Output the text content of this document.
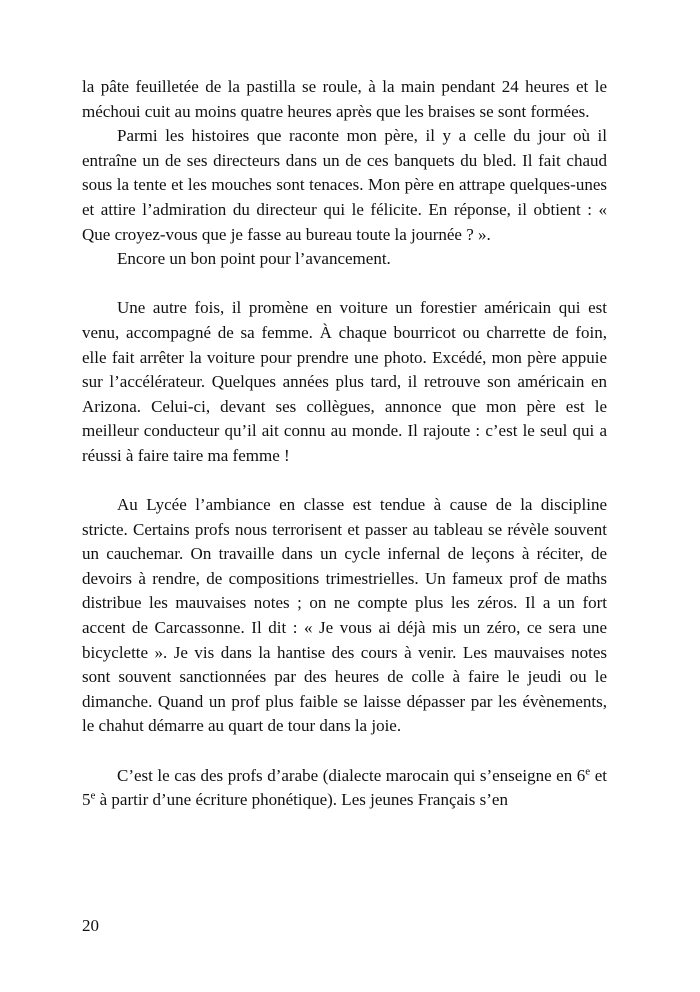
la pâte feuilletée de la pastilla se roule, à la main pendant 24 heures et le méchoui cuit au moins quatre heures après que les braises se sont formées.

Parmi les histoires que raconte mon père, il y a celle du jour où il entraîne un de ses directeurs dans un de ces banquets du bled. Il fait chaud sous la tente et les mouches sont tenaces. Mon père en attrape quelques-unes et attire l’admiration du directeur qui le félicite. En réponse, il obtient : « Que croyez-vous que je fasse au bureau toute la journée ? ».

Encore un bon point pour l’avancement.

Une autre fois, il promène en voiture un forestier américain qui est venu, accompagné de sa femme. À chaque bourricot ou charrette de foin, elle fait arrêter la voiture pour prendre une photo. Excédé, mon père appuie sur l’accélérateur. Quelques années plus tard, il retrouve son américain en Arizona. Celui-ci, devant ses collègues, annonce que mon père est le meilleur conducteur qu’il ait connu au monde. Il rajoute : c’est le seul qui a réussi à faire taire ma femme !

Au Lycée l’ambiance en classe est tendue à cause de la discipline stricte. Certains profs nous terrorisent et passer au tableau se révèle souvent un cauchemar. On travaille dans un cycle infernal de leçons à réciter, de devoirs à rendre, de compositions trimestrielles. Un fameux prof de maths distribue les mauvaises notes ; on ne compte plus les zéros. Il a un fort accent de Carcassonne. Il dit : « Je vous ai déjà mis un zéro, ce sera une bicyclette ». Je vis dans la hantise des cours à venir. Les mauvaises notes sont souvent sanctionnées par des heures de colle à faire le jeudi ou le dimanche. Quand un prof plus faible se laisse dépasser par les évènements, le chahut démarre au quart de tour dans la joie.

C’est le cas des profs d’arabe (dialecte marocain qui s’enseigne en 6e et 5e à partir d’une écriture phonétique). Les jeunes Français s’en

20
